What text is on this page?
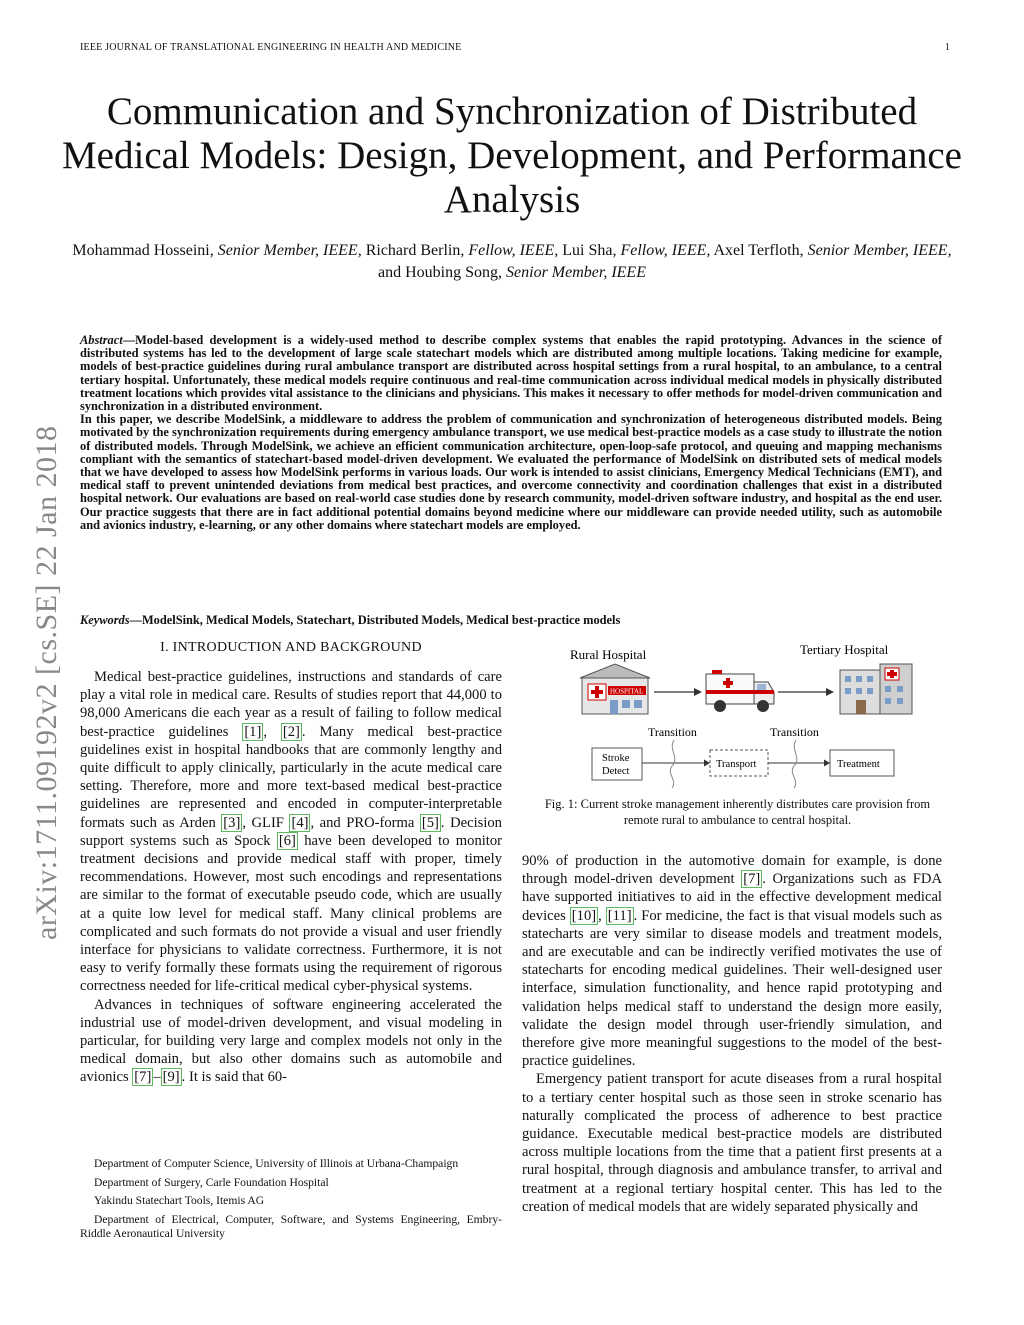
IEEE JOURNAL OF TRANSLATIONAL ENGINEERING IN HEALTH AND MEDICINE	1
arXiv:1711.09192v2 [cs.SE] 22 Jan 2018
Communication and Synchronization of Distributed Medical Models: Design, Development, and Performance Analysis
Mohammad Hosseini, Senior Member, IEEE, Richard Berlin, Fellow, IEEE, Lui Sha, Fellow, IEEE, Axel Terfloth, Senior Member, IEEE, and Houbing Song, Senior Member, IEEE

Abstract—Model-based development is a widely-used method to describe complex systems that enables the rapid prototyping. Advances in the science of distributed systems has led to the development of large scale statechart models which are distributed among multiple locations. Taking medicine for example, models of best-practice guidelines during rural ambulance transport are distributed across hospital settings from a rural hospital, to an ambulance, to a central tertiary hospital. Unfortunately, these medical models require continuous and real-time communication across individual medical models in physically distributed treatment locations which provides vital assistance to the clinicians and physicians. This makes it necessary to offer methods for model-driven communication and synchronization in a distributed environment.

In this paper, we describe ModelSink, a middleware to address the problem of communication and synchronization of heterogeneous distributed models. Being motivated by the synchronization requirements during emergency ambulance transport, we use medical best-practice models as a case study to illustrate the notion of distributed models. Through ModelSink, we achieve an efficient communication architecture, open-loop-safe protocol, and queuing and mapping mechanisms compliant with the semantics of statechart-based model-driven development. We evaluated the performance of ModelSink on distributed sets of medical models that we have developed to assess how ModelSink performs in various loads. Our work is intended to assist clinicians, Emergency Medical Technicians (EMT), and medical staff to prevent unintended deviations from medical best practices, and overcome connectivity and coordination challenges that exist in a distributed hospital network. Our evaluations are based on real-world case studies done by research community, model-driven software industry, and hospital as the end user. Our practice suggests that there are in fact additional potential domains beyond medicine where our middleware can provide needed utility, such as automobile and avionics industry, e-learning, or any other domains where statechart models are employed.

Keywords—ModelSink, Medical Models, Statechart, Distributed Models, Medical best-practice models
I. INTRODUCTION AND BACKGROUND

Medical best-practice guidelines, instructions and standards of care play a vital role in medical care. Results of studies report that 44,000 to 98,000 Americans die each year as a result of failing to follow medical best-practice guidelines [1] , [2] . Many medical best-practice guidelines exist in hospital handbooks that are commonly lengthy and quite difficult to apply clinically, particularly in the acute medical care setting. Therefore, more and more text-based medical best-practice guidelines are represented and encoded in computer-interpretable formats such as Arden [3] , GLIF [4] , and PRO-forma [5] . Decision support systems such as Spock [6] have been developed to monitor treatment decisions and provide medical staff with proper, timely recommendations. However, most such encodings and representations are similar to the format of executable pseudo code, which are usually at a quite low level for medical staff. Many clinical problems are complicated and such formats do not provide a visual and user friendly interface for physicians to validate correctness. Furthermore, it is not easy to verify formally these formats using the requirement of rigorous correctness needed for life-critical medical cyber-physical systems.

Advances in techniques of software engineering accelerated the industrial use of model-driven development, and visual modeling in particular, for building very large and complex models not only in the medical domain, but also other domains such as automobile and avionics [7] – [9] . It is said that 60-

Department of Computer Science, University of Illinois at Urbana-Champaign

Department of Surgery, Carle Foundation Hospital

Yakindu Statechart Tools, Itemis AG

Department of Electrical, Computer, Software, and Systems Engineering, Embry-Riddle Aeronautical University

Rural Hospital	Tertiary Hospital
HOSPITAL
Transition	Transition
Stroke
Detect
Transport	Treatment
Fig. 1: Current stroke management inherently distributes care provision from remote rural to ambulance to central hospital.

90% of production in the automotive domain for example, is done through model-driven development [7] . Organizations such as FDA have supported initiatives to aid in the effective development medical devices [10] , [11] . For medicine, the fact is that visual models such as statecharts are very similar to disease models and treatment models, and are executable and can be indirectly verified motivates the use of statecharts for encoding medical guidelines. Their well-designed user interface, simulation functionality, and hence rapid prototyping and validation helps medical staff to understand the design more easily, validate the design model through user-friendly simulation, and therefore give more meaningful suggestions to the model of the best-practice guidelines.

Emergency patient transport for acute diseases from a rural hospital to a tertiary center hospital such as those seen in stroke scenario has naturally complicated the process of adherence to best practice guidance. Executable medical best-practice models are distributed across multiple locations from the time that a patient first presents at a rural hospital, through diagnosis and ambulance transfer, to arrival and treatment at a regional tertiary hospital center. This has led to the creation of medical models that are widely separated physically and
